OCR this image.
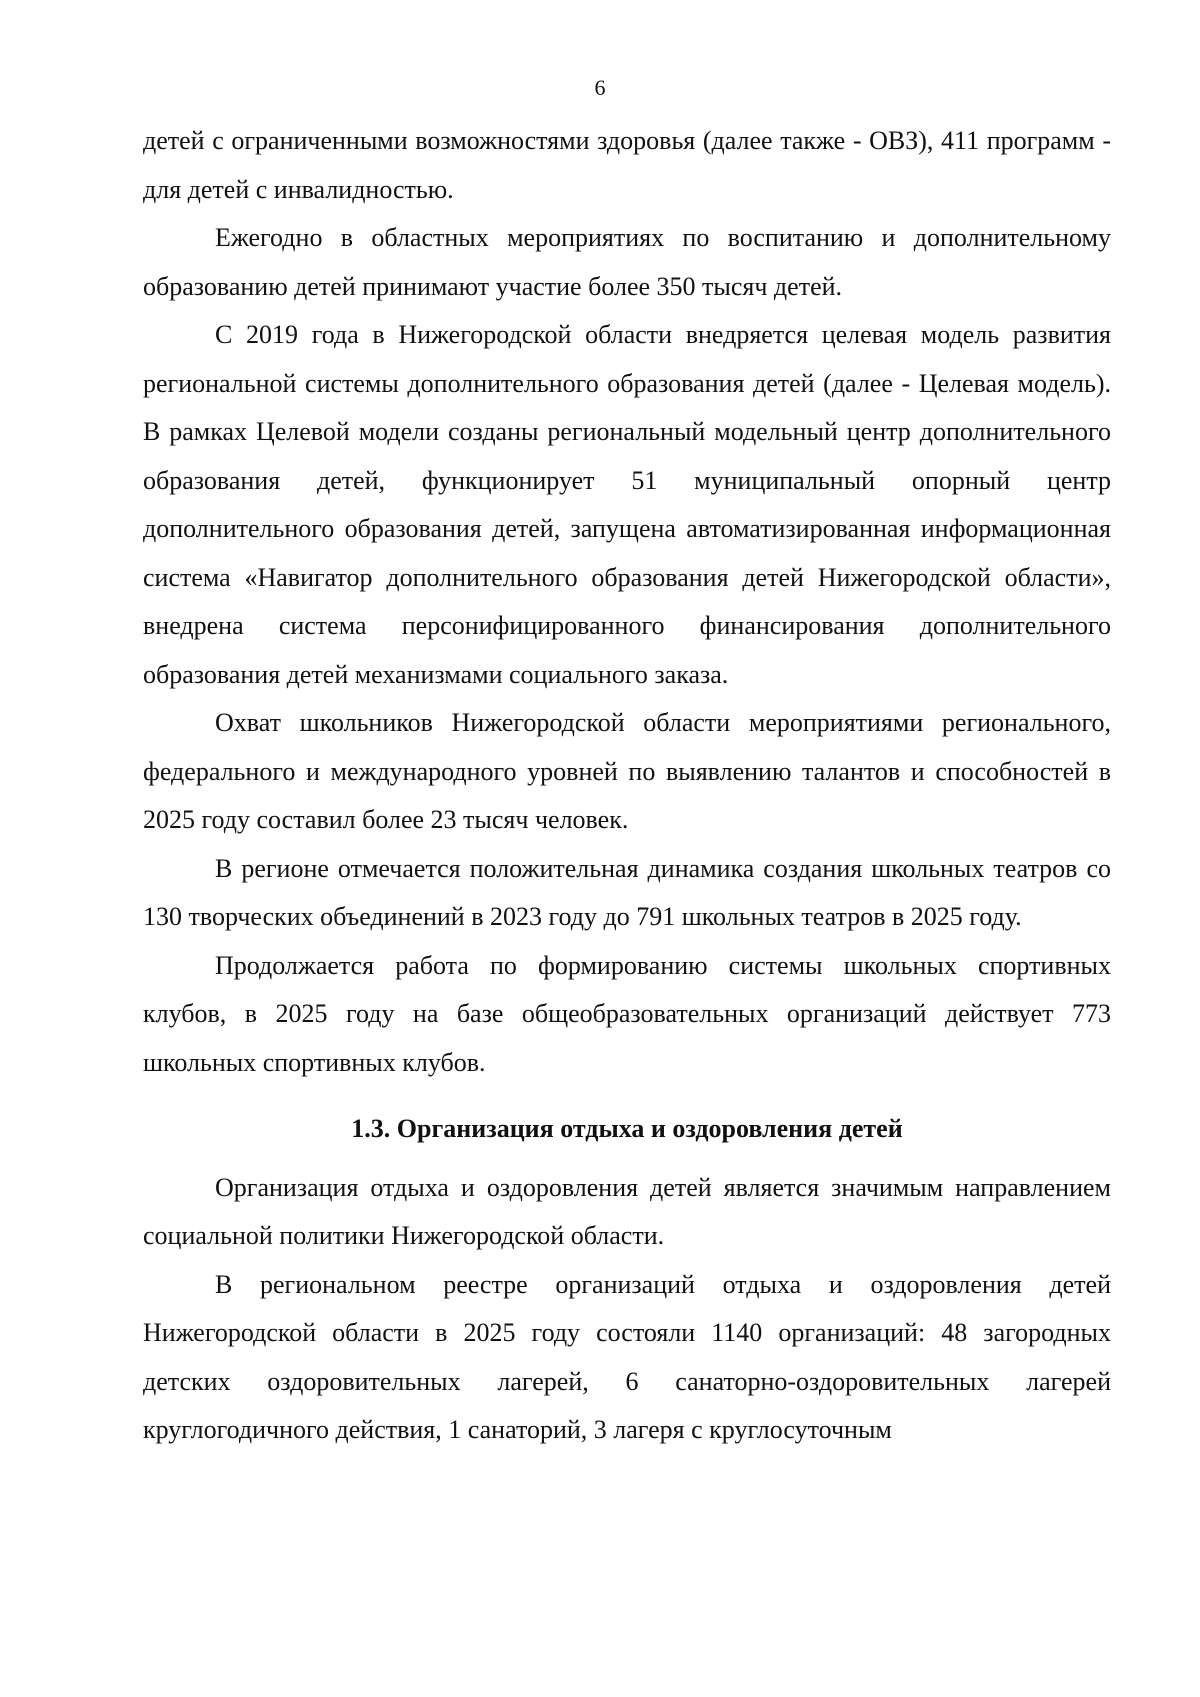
6

детей с ограниченными возможностями здоровья (далее также - ОВЗ), 411 программ - для детей с инвалидностью.

Ежегодно в областных мероприятиях по воспитанию и дополнительному образованию детей принимают участие более 350 тысяч детей.

С 2019 года в Нижегородской области внедряется целевая модель развития региональной системы дополнительного образования детей (далее - Целевая модель). В рамках Целевой модели созданы региональный модельный центр дополнительного образования детей, функционирует 51 муниципальный опорный центр дополнительного образования детей, запущена автоматизированная информационная система «Навигатор дополнительного образования детей Нижегородской области», внедрена система персонифицированного финансирования дополнительного образования детей механизмами социального заказа.

Охват школьников Нижегородской области мероприятиями регионального, федерального и международного уровней по выявлению талантов и способностей в 2025 году составил более 23 тысяч человек.

В регионе отмечается положительная динамика создания школьных театров со 130 творческих объединений в 2023 году до 791 школьных театров в 2025 году.

Продолжается работа по формированию системы школьных спортивных клубов, в 2025 году на базе общеобразовательных организаций действует 773 школьных спортивных клубов.

1.3. Организация отдыха и оздоровления детей

Организация отдыха и оздоровления детей является значимым направлением социальной политики Нижегородской области.

В региональном реестре организаций отдыха и оздоровления детей Нижегородской области в 2025 году состояли 1140 организаций: 48 загородных детских оздоровительных лагерей, 6 санаторно-оздоровительных лагерей круглогодичного действия, 1 санаторий, 3 лагеря с круглосуточным
